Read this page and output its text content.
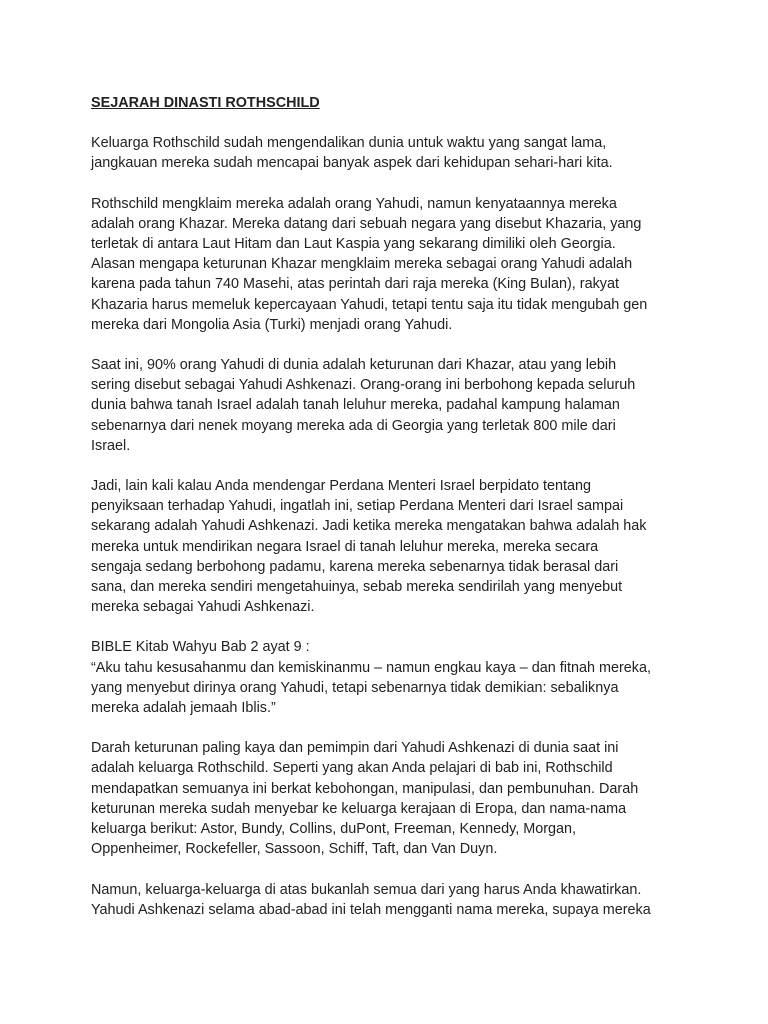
SEJARAH DINASTI ROTHSCHILD
Keluarga Rothschild sudah mengendalikan dunia untuk waktu yang sangat lama,
jangkauan mereka sudah mencapai banyak aspek dari kehidupan sehari-hari kita.
Rothschild mengklaim mereka adalah orang Yahudi, namun kenyataannya mereka
adalah orang Khazar. Mereka datang dari sebuah negara yang disebut Khazaria, yang
terletak di antara Laut Hitam dan Laut Kaspia yang sekarang dimiliki oleh Georgia.
Alasan mengapa keturunan Khazar mengklaim mereka sebagai orang Yahudi adalah
karena pada tahun 740 Masehi, atas perintah dari raja mereka (King Bulan), rakyat
Khazaria harus memeluk kepercayaan Yahudi, tetapi tentu saja itu tidak mengubah gen
mereka dari Mongolia Asia (Turki) menjadi orang Yahudi.
Saat ini, 90% orang Yahudi di dunia adalah keturunan dari Khazar, atau yang lebih
sering disebut sebagai Yahudi Ashkenazi. Orang-orang ini berbohong kepada seluruh
dunia bahwa tanah Israel adalah tanah leluhur mereka, padahal kampung halaman
sebenarnya dari nenek moyang mereka ada di Georgia yang terletak 800 mile dari
Israel.
Jadi, lain kali kalau Anda mendengar Perdana Menteri Israel berpidato tentang
penyiksaan terhadap Yahudi, ingatlah ini, setiap Perdana Menteri dari Israel sampai
sekarang adalah Yahudi Ashkenazi. Jadi ketika mereka mengatakan bahwa adalah hak
mereka untuk mendirikan negara Israel di tanah leluhur mereka, mereka secara
sengaja sedang berbohong padamu, karena mereka sebenarnya tidak berasal dari
sana, dan mereka sendiri mengetahuinya, sebab mereka sendirilah yang menyebut
mereka sebagai Yahudi Ashkenazi.
BIBLE Kitab Wahyu Bab 2 ayat 9 :
“Aku tahu kesusahanmu dan kemiskinanmu – namun engkau kaya – dan fitnah mereka,
yang menyebut dirinya orang Yahudi, tetapi sebenarnya tidak demikian: sebaliknya
mereka adalah jemaah Iblis.”
Darah keturunan paling kaya dan pemimpin dari Yahudi Ashkenazi di dunia saat ini
adalah keluarga Rothschild. Seperti yang akan Anda pelajari di bab ini, Rothschild
mendapatkan semuanya ini berkat kebohongan, manipulasi, dan pembunuhan. Darah
keturunan mereka sudah menyebar ke keluarga kerajaan di Eropa, dan nama-nama
keluarga berikut: Astor, Bundy, Collins, duPont, Freeman, Kennedy, Morgan,
Oppenheimer, Rockefeller, Sassoon, Schiff, Taft, dan Van Duyn.
Namun, keluarga-keluarga di atas bukanlah semua dari yang harus Anda khawatirkan.
Yahudi Ashkenazi selama abad-abad ini telah mengganti nama mereka, supaya mereka
